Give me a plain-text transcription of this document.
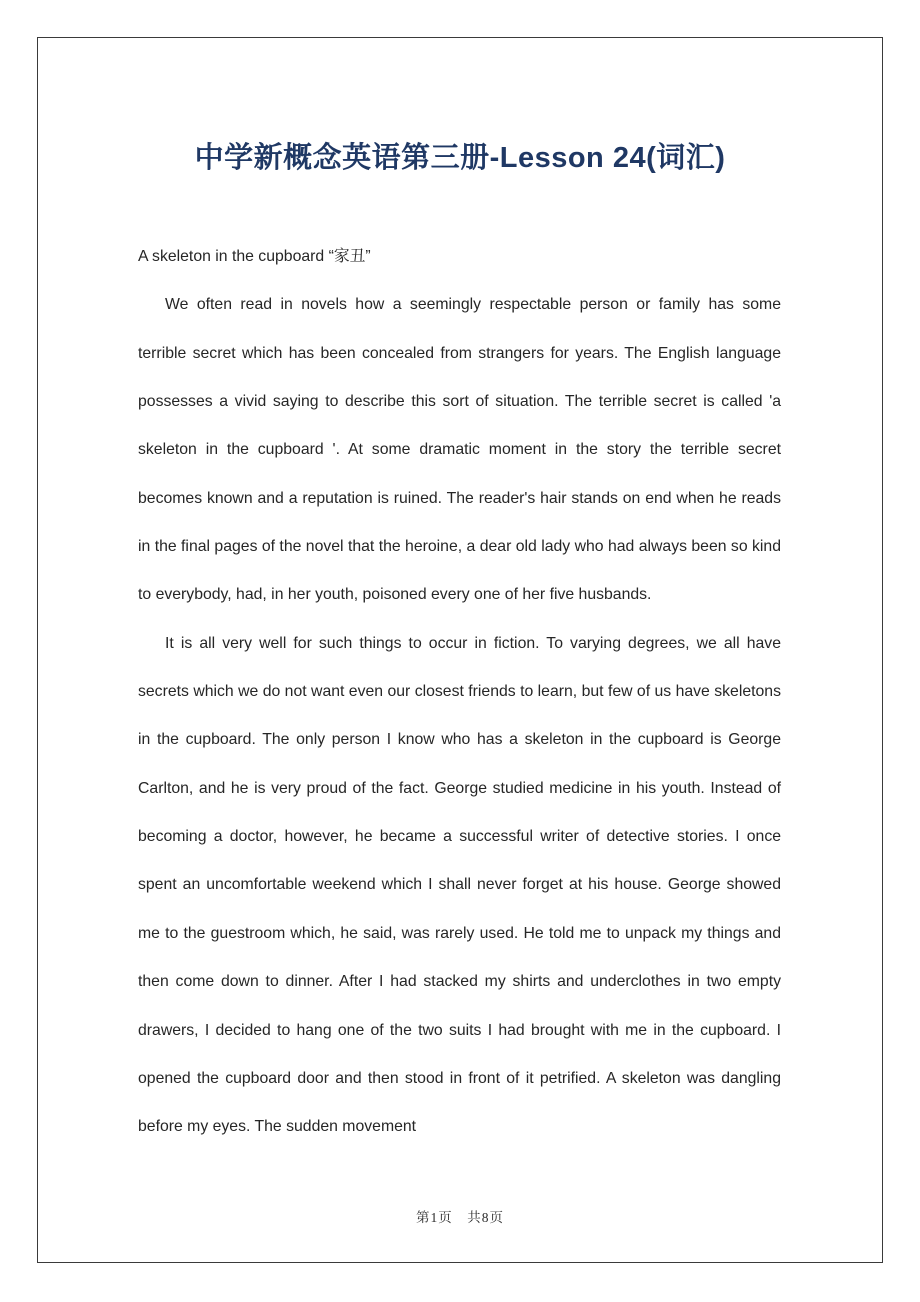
中学新概念英语第三册-Lesson 24(词汇)

A skeleton in the cupboard “家丑”

We often read in novels how a seemingly respectable person or family has some terrible secret which has been concealed from strangers for years. The English language possesses a vivid saying to describe this sort of situation. The terrible secret is called 'a skeleton in the cupboard '. At some dramatic moment in the story the terrible secret becomes known and a reputation is ruined. The reader's hair stands on end when he reads in the final pages of the novel that the heroine, a dear old lady who had always been so kind to everybody, had, in her youth, poisoned every one of her five husbands.

It is all very well for such things to occur in fiction. To varying degrees, we all have secrets which we do not want even our closest friends to learn, but few of us have skeletons in the cupboard. The only person I know who has a skeleton in the cupboard is George Carlton, and he is very proud of the fact. George studied medicine in his youth. Instead of becoming a doctor, however, he became a successful writer of detective stories. I once spent an uncomfortable weekend which I shall never forget at his house. George showed me to the guestroom which, he said, was rarely used. He told me to unpack my things and then come down to dinner. After I had stacked my shirts and underclothes in two empty drawers, I decided to hang one of the two suits I had brought with me in the cupboard. I opened the cupboard door and then stood in front of it petrified. A skeleton was dangling before my eyes. The sudden movement

第1页　共8页
